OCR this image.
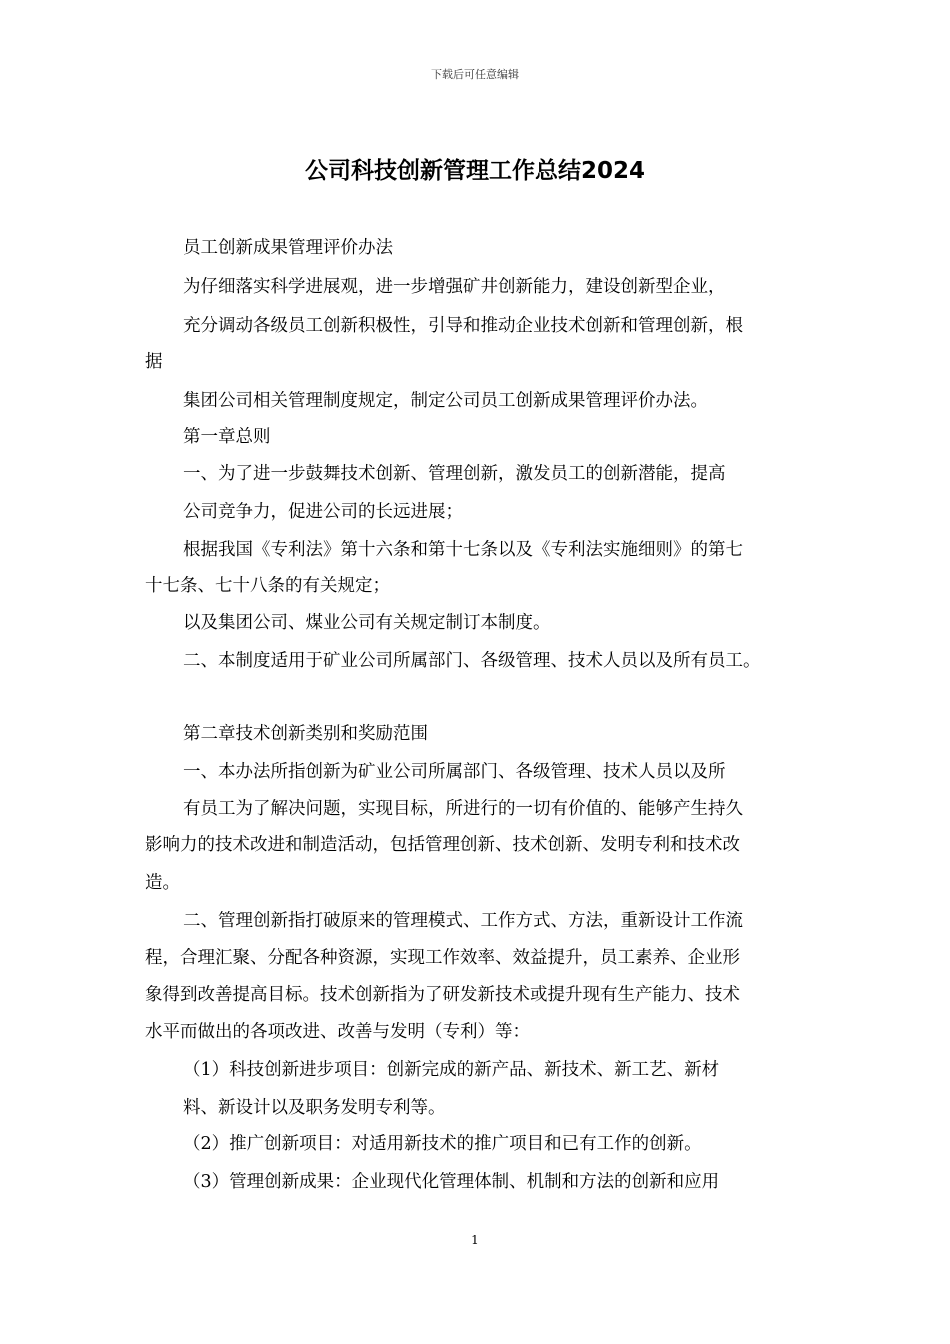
下载后可任意编辑
公司科技创新管理工作总结2024
员工创新成果管理评价办法
为仔细落实科学进展观，进一步增强矿井创新能力，建设创新型企业，
充分调动各级员工创新积极性，引导和推动企业技术创新和管理创新，根
据
集团公司相关管理制度规定，制定公司员工创新成果管理评价办法。
第一章总则
一、为了进一步鼓舞技术创新、管理创新，激发员工的创新潜能，提高
公司竞争力，促进公司的长远进展；
根据我国《专利法》第十六条和第十七条以及《专利法实施细则》的第七
十七条、七十八条的有关规定；
以及集团公司、煤业公司有关规定制订本制度。
二、本制度适用于矿业公司所属部门、各级管理、技术人员以及所有员工。
第二章技术创新类别和奖励范围
一、本办法所指创新为矿业公司所属部门、各级管理、技术人员以及所
有员工为了解决问题，实现目标，所进行的一切有价值的、能够产生持久
影响力的技术改进和制造活动，包括管理创新、技术创新、发明专利和技术改
造。
二、管理创新指打破原来的管理模式、工作方式、方法，重新设计工作流
程，合理汇聚、分配各种资源，实现工作效率、效益提升，员工素养、企业形
象得到改善提高目标。技术创新指为了研发新技术或提升现有生产能力、技术
水平而做出的各项改进、改善与发明（专利）等：
（1）科技创新进步项目：创新完成的新产品、新技术、新工艺、新材
料、新设计以及职务发明专利等。
（2）推广创新项目：对适用新技术的推广项目和已有工作的创新。
（3）管理创新成果：企业现代化管理体制、机制和方法的创新和应用
1
